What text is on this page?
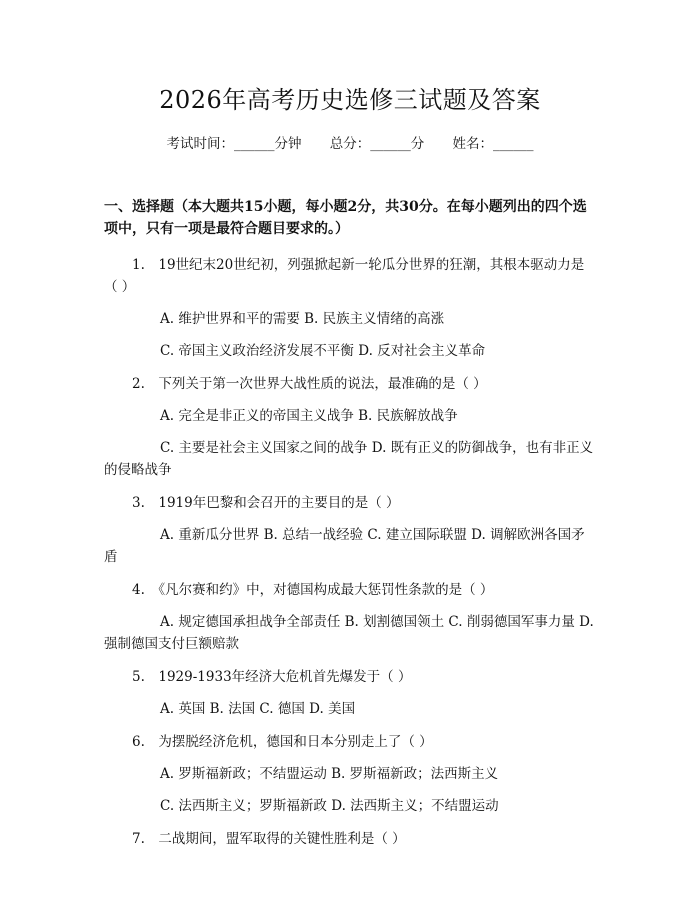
2026年高考历史选修三试题及答案
考试时间：______分钟 总分：______分 姓名：______
一、选择题（本大题共15小题，每小题2分，共30分。在每小题列出的四个选项中，只有一项是最符合题目要求的。）
1.　19世纪末20世纪初，列强掀起新一轮瓜分世界的狂潮，其根本驱动力是（ ）
A. 维护世界和平的需要 B. 民族主义情绪的高涨
C. 帝国主义政治经济发展不平衡 D. 反对社会主义革命
2.　下列关于第一次世界大战性质的说法，最准确的是（ ）
A. 完全是非正义的帝国主义战争 B. 民族解放战争
C. 主要是社会主义国家之间的战争 D. 既有正义的防御战争，也有非正义的侵略战争
3.　1919年巴黎和会召开的主要目的是（ ）
A. 重新瓜分世界 B. 总结一战经验 C. 建立国际联盟 D. 调解欧洲各国矛盾
4.　《凡尔赛和约》中，对德国构成最大惩罚性条款的是（ ）
A. 规定德国承担战争全部责任 B. 划割德国领土 C. 削弱德国军事力量 D. 强制德国支付巨额赔款
5.　1929-1933年经济大危机首先爆发于（ ）
A. 英国 B. 法国 C. 德国 D. 美国
6.　为摆脱经济危机，德国和日本分别走上了（ ）
A. 罗斯福新政；不结盟运动 B. 罗斯福新政；法西斯主义
C. 法西斯主义；罗斯福新政 D. 法西斯主义；不结盟运动
7.　二战期间，盟军取得的关键性胜利是（ ）
